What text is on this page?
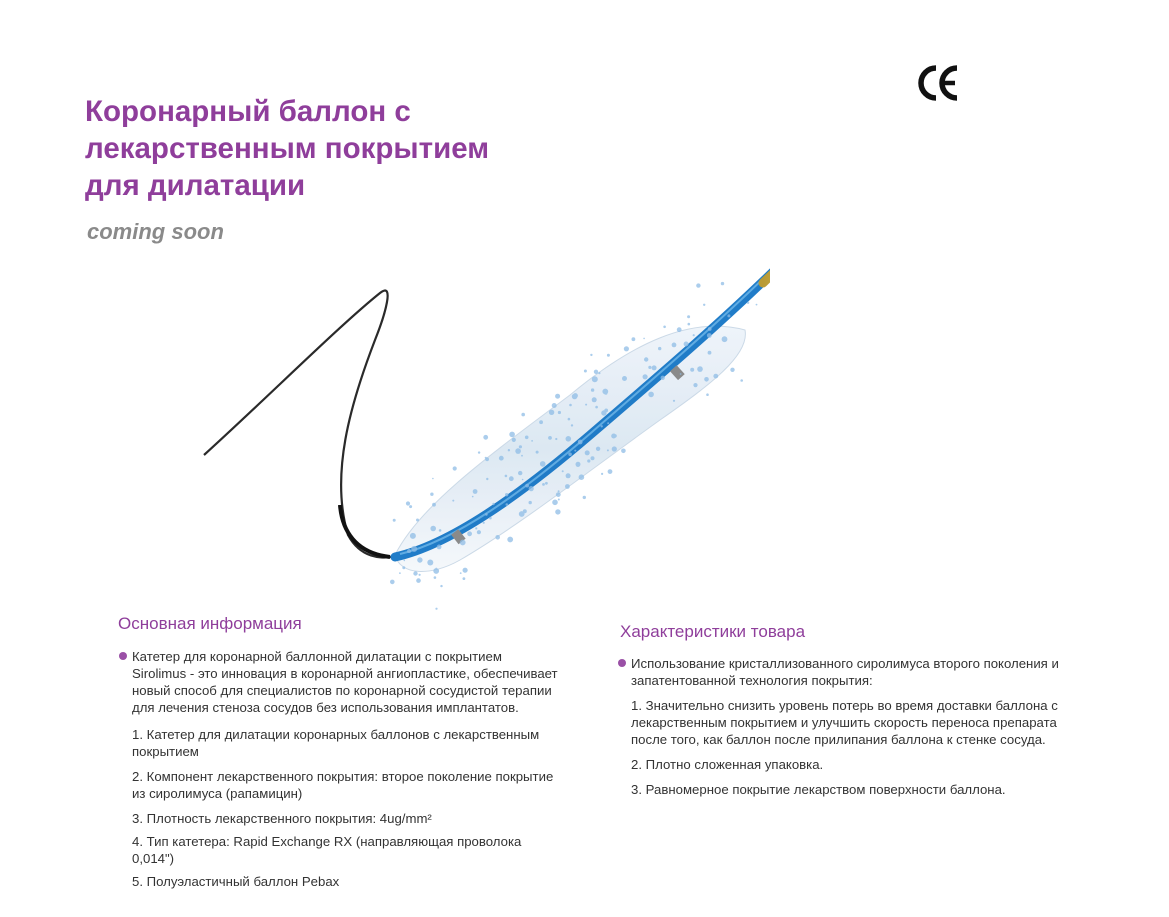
Коронарный баллон с
лекарственным покрытием
для дилатации

coming soon

Основная информация

Катетер для коронарной баллонной дилатации с покрытием Sirolimus - это инновация в коронарной ангиопластике, обеспечивает новый способ для специалистов по коронарной сосудистой терапии для лечения стеноза сосудов без использования имплантатов.

1. Катетер для дилатации коронарных баллонов с лекарственным покрытием

2. Компонент лекарственного покрытия: второе поколение покрытие из сиролимуса (рапамицин)

3. Плотность лекарственного покрытия: 4ug/mm²

4. Тип катетера: Rapid Exchange RX (направляющая проволока 0,014")

5. Полуэластичный баллон Pebax

Характеристики товара

Использование кристаллизованного сиролимуса второго поколения и запатентованной технология покрытия:

1. Значительно снизить уровень потерь во время доставки баллона с лекарственным покрытием и улучшить скорость переноса препарата после того, как баллон после прилипания баллона к стенке сосуда.

2. Плотно сложенная упаковка.

3. Равномерное покрытие лекарством поверхности баллона.
